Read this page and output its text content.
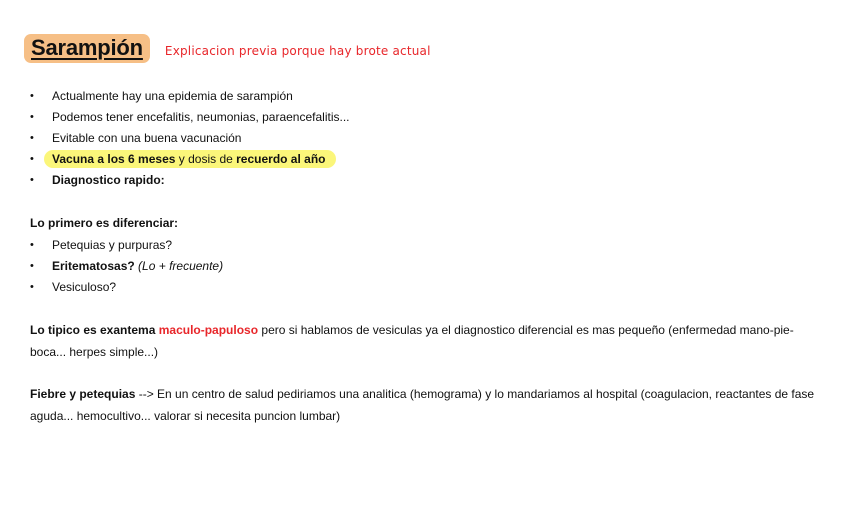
Sarampión	Explicacion previa porque hay brote actual
• Actualmente hay una epidemia de sarampión
• Podemos tener encefalitis, neumonias, paraencefalitis...
• Evitable con una buena vacunación
• Vacuna a los 6 meses y dosis de recuerdo al año
• Diagnostico rapido:
Lo primero es diferenciar:
• Petequias y purpuras?
• Eritematosas? (Lo + frecuente)
• Vesiculoso?

Lo tipico es exantema maculo-papuloso pero si hablamos de vesiculas ya el diagnostico diferencial es mas pequeño (enfermedad mano-pie-boca... herpes simple...)

Fiebre y petequias --> En un centro de salud pediriamos una analitica (hemograma) y lo mandariamos al hospital (coagulacion, reactantes de fase aguda... hemocultivo... valorar si necesita puncion lumbar)
